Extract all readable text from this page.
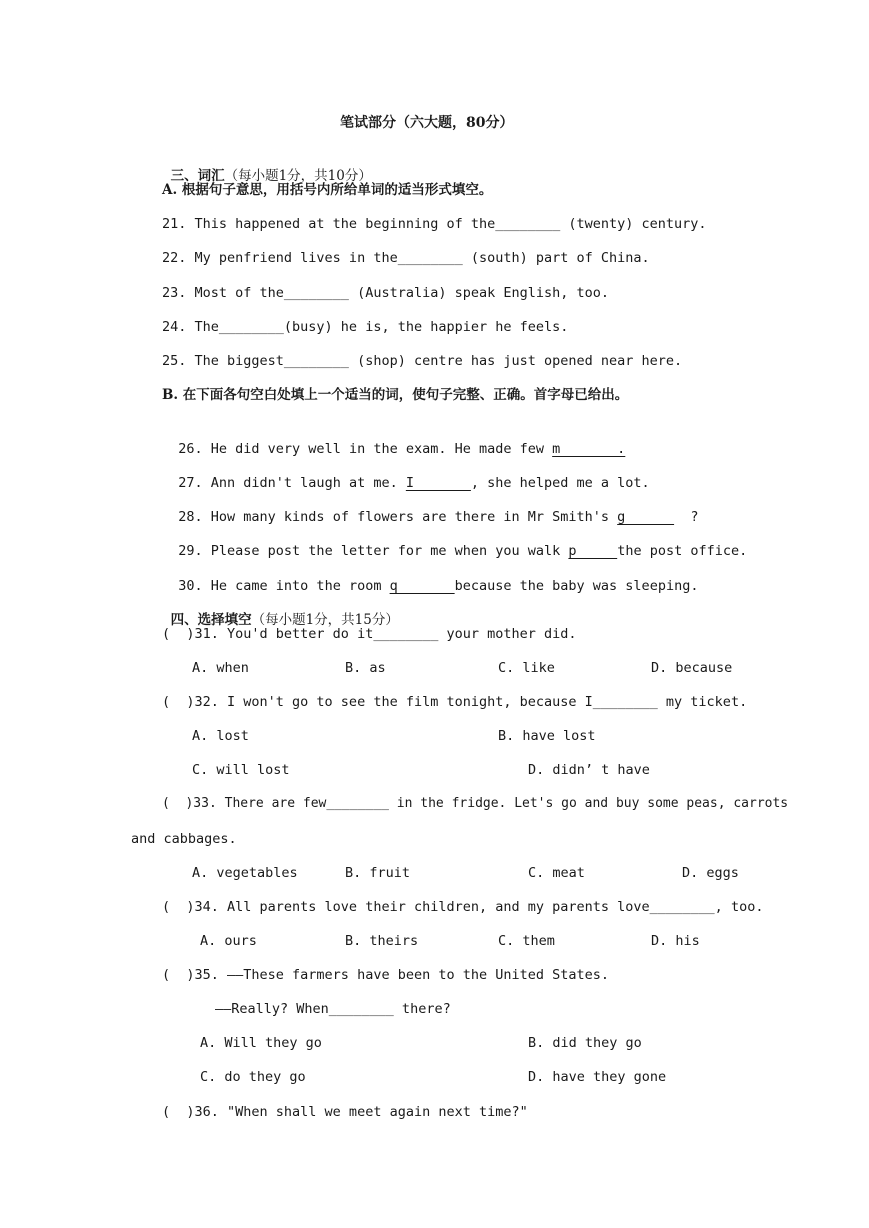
笔试部分（六大题，80分）

三、词汇（每小题1分，共10分）

A. 根据句子意思，用括号内所给单词的适当形式填空。
21. This happened at the beginning of the________ (twenty) century.
22. My penfriend lives in the________ (south) part of China.
23. Most of the________ (Australia) speak English, too.
24. The________(busy) he is, the happier he feels.
25. The biggest________ (shop) centre has just opened near here.
B. 在下面各句空白处填上一个适当的词，使句子完整、正确。首字母已给出。

26. He did very well in the exam. He made few m       .

27. Ann didn't laugh at me. I       , she helped me a lot.

28. How many kinds of flowers are there in Mr Smith's g        ?

29. Please post the letter for me when you walk p     the post office.

30. He came into the room q       because the baby was sleeping.

四、选择填空（每小题1分，共15分）

(  )31. You'd better do it________ your mother did.
A. when	B. as	C. like	D. because
(  )32. I won't go to see the film tonight, because I________ my ticket.
A. lost	B. have lost
C. will lost	D. didn’ t have
(  )33. There are few________ in the fridge. Let's go and buy some peas, carrots
and cabbages.
A. vegetables	B. fruit	C. meat	D. eggs
(  )34. All parents love their children, and my parents love________, too.
A. ours	B. theirs	C. them	D. his
(  )35. ——These farmers have been to the United States.
——Really? When________ there?
A. Will they go	B. did they go
C. do they go	D. have they gone
(  )36. "When shall we meet again next time?"
